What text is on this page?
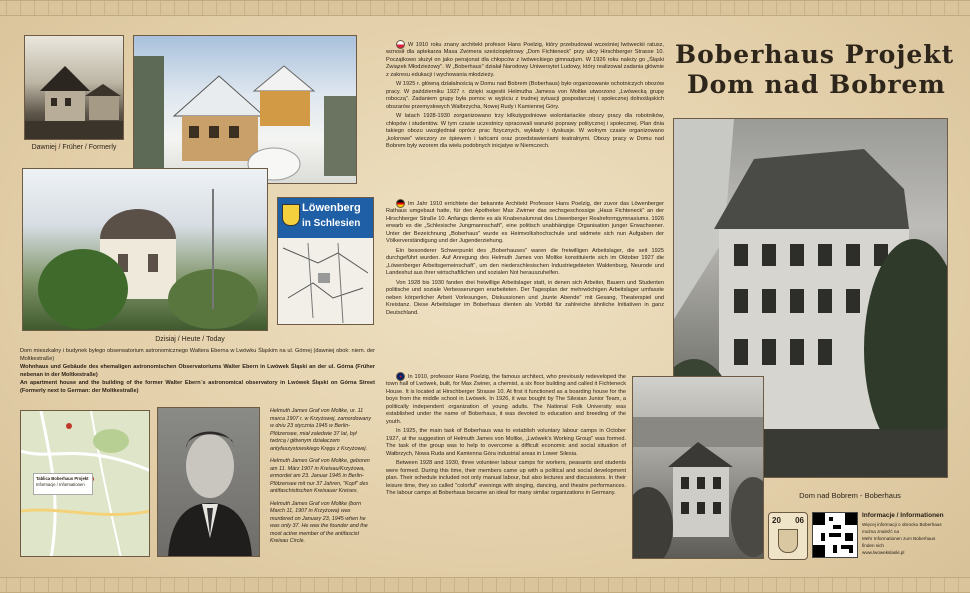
Dawniej / Früher / Formerly
Dzisiaj / Heute / Today
Löwenberg
in Schlesien
Dom mieszkalny i budynek byłego obserwatorium astronomicznego Waltera Eberna w Lwówku Śląskim na ul. Górnej (dawniej obok: niem. der Moltkestraße)
Wohnhaus und Gebäude des ehemaligen astronomischen Observatoriums Walter Ebern in Lwówek Śląski an der ul. Górna (Früher nebenan in der Moltkestraße)
An apartment house and the building of the former Walter Ebern´s astronomical observatory in Lwówek Śląski on Górna Street (Formerly next to German: der Moltkestraße)
Tablica Boberhaus Projekt
Informacje / Informationen
Helmuth James Graf von Moltke, ur. 11 marca 1907 r. w Krzyżowej, zamordowany w dniu 23 stycznia 1945 w Berlin-Plötzensee, miał zaledwie 37 lat, był twórcą i głównym działaczem antyfaszystowskiego Kręgu z Krzyżowej.
Helmuth James Graf von Moltke, geboren am 11. März 1907 in Kreisau/Krzyżowa, ermordet am 23. Januar 1945 in Berlin-Plötzensee mit nur 37 Jahren, "Kopf" des antifaschistischen Kreisauer Kreises.
Helmuth James Graf von Moltke (born March 11, 1907 in Krzyżowa) was murdered on January 23, 1945 when he was only 37. He was the founder and the most active member of the antifascist Kreisau Circle.

W 1910 roku znany architekt profesor Hans Poelzig, który przebudował wcześniej lwóweckii ratusz, wznosił dla aptekarza Maxa Zwirnera sześciopiętrowy „Dom Fichteneck" przy ulicy Hirschberger Strasse 10. Początkowo służył on jako pensjonat dla chłopców z lwóweckiego gimnazjum. W 1926 roku należy go „Śląski Związek Młodzieżowy". W „Boberhaus" działał Narodowy Uniwersytet Ludowy, który realizował zadania głównie z zakresu edukacji i wychowania młodzieży.

W 1925 r. główną działalnością w Domu nad Bobrem (Boberhaus) było organizowanie ochotniczych obozów pracy. W październiku 1927 r. dzięki sugestii Helmutha Jamesa von Moltke utworzono „Lwówecką grupę roboczą". Zadaniem grupy była pomoc w wyjściu z trudnej sytuacji gospodarczej i społecznej dolnośląskich obszarów przemysłowych Wałbrzycha, Nowej Rudy i Kamiennej Góry.

W latach 1928-1930 zorganizowano trzy kilkutygodniowe wolontariackie obozy pracy dla robotników, chłopów i studentów. W tym czasie uczestnicy opracowali warunki poprawy politycznej i społecznej. Plan dnia takiego obozu uwzględniał oprócz prac fizycznych, wykłady i dyskusje. W wolnym czasie organizowano „kolorowe" wieczory ze śpiewem i tańcami oraz przedstawieniami teatralnymi. Obozy pracy w Domu nad Bobrem były wzorem dla wielu podobnych inicjatyw w Niemczech.

Im Jahr 1910 errichtete der bekannte Architekt Professor Hans Poelzig, der zuvor das Löwenberger Rathaus umgebaut hatte, für den Apotheker Max Zwirner das sechsgeschossige „Haus Fichteneck" an der Hirschberger Straße 10. Anfangs diente es als Knabenalumnat des Löwenberger Realreformgymnasiums. 1926 erwarb es die „Schlesische Jungmannschaft", eine politisch unabhängige Organisation junger Erwachsener. Unter der Bezeichnung „Boberhaus" wurde es Heimvolkshochschule und widmete sich nun Aufgaben der Völkerverständigung und der Jugenderziehung.

Ein besonderer Schwerpunkt des „Boberhauses" waren die freiwilligen Arbeitslager, die seit 1925 durchgeführt wurden. Auf Anregung des Helmuth James von Moltke konstituierte sich im Oktober 1927 die „Löwenberger Arbeitsgemeinschaft", um den niederschlesischen Industriegebieten Waldenburg, Neurode und Landeshut aus ihrer wirtschaftlichen und sozialen Not herauszuhelfen.

Von 1928 bis 1930 fanden drei freiwillige Arbeitslager statt, in denen sich Arbeiter, Bauern und Studenten politische und soziale Verbesserungen erarbeiteten. Der Tagesplan der mehrwöchigen Arbeitslager umfasste neben körperlicher Arbeit Vorlesungen, Diskussionen und „bunte Abende" mit Gesang, Theaterspiel und Kreistanz. Diese Arbeitslager im Boberhaus dienten als Vorbild für zahlreiche ähnliche Initiativen in ganz Deutschland.

In 1910, professor Hans Poelzig, the famous architect, who previously redeveloped the town hall of Lwówek, built, for Max Zwiner, a chemist, a six floor building and called it Fichteneck House. It is located at Hirschberger Strasse 10. At first it functioned as a boarding house for the boys from the middle school in Lwówek. In 1926, it was bought by The Silesian Junior Team, a politically independent organization of young adults. The National Folk University was established under the name of Boberhaus, it was devoted to education and breeding of the youth.

In 1925, the main task of Boberhaus was to establish voluntary labour camps in October 1927, at the suggestion of Helmuth James von Moltke, „Lwówek's Working Group" was formed. The task of the group was to help to overcome a difficult economic and social situation of Wałbrzych, Nowa Ruda and Kamienna Góra industrial areas in Lower Silesia.

Between 1928 and 1930, three volunteer labour camps for workers, peasants and students were formed. During this time, their members came up with a political and social development plan. Their schedule included not only manual labour, but also lectures and discussions. In their leisure time, they so called "colorful" evenings with singing, dancing, and theatre performances. The labour camps at Boberhaus became an ideal for many similar organizations in Germany.

Boberhaus Projekt
Dom nad Bobrem
Dom nad Bobrem - Boberhaus
20 06
Informacje / Informationen
Więcej informacji o obrocku Boberhaus
można znaleźć na
Mehr Informationen zum Boberhaus
finden sich
www.lwowekslaski.pl
